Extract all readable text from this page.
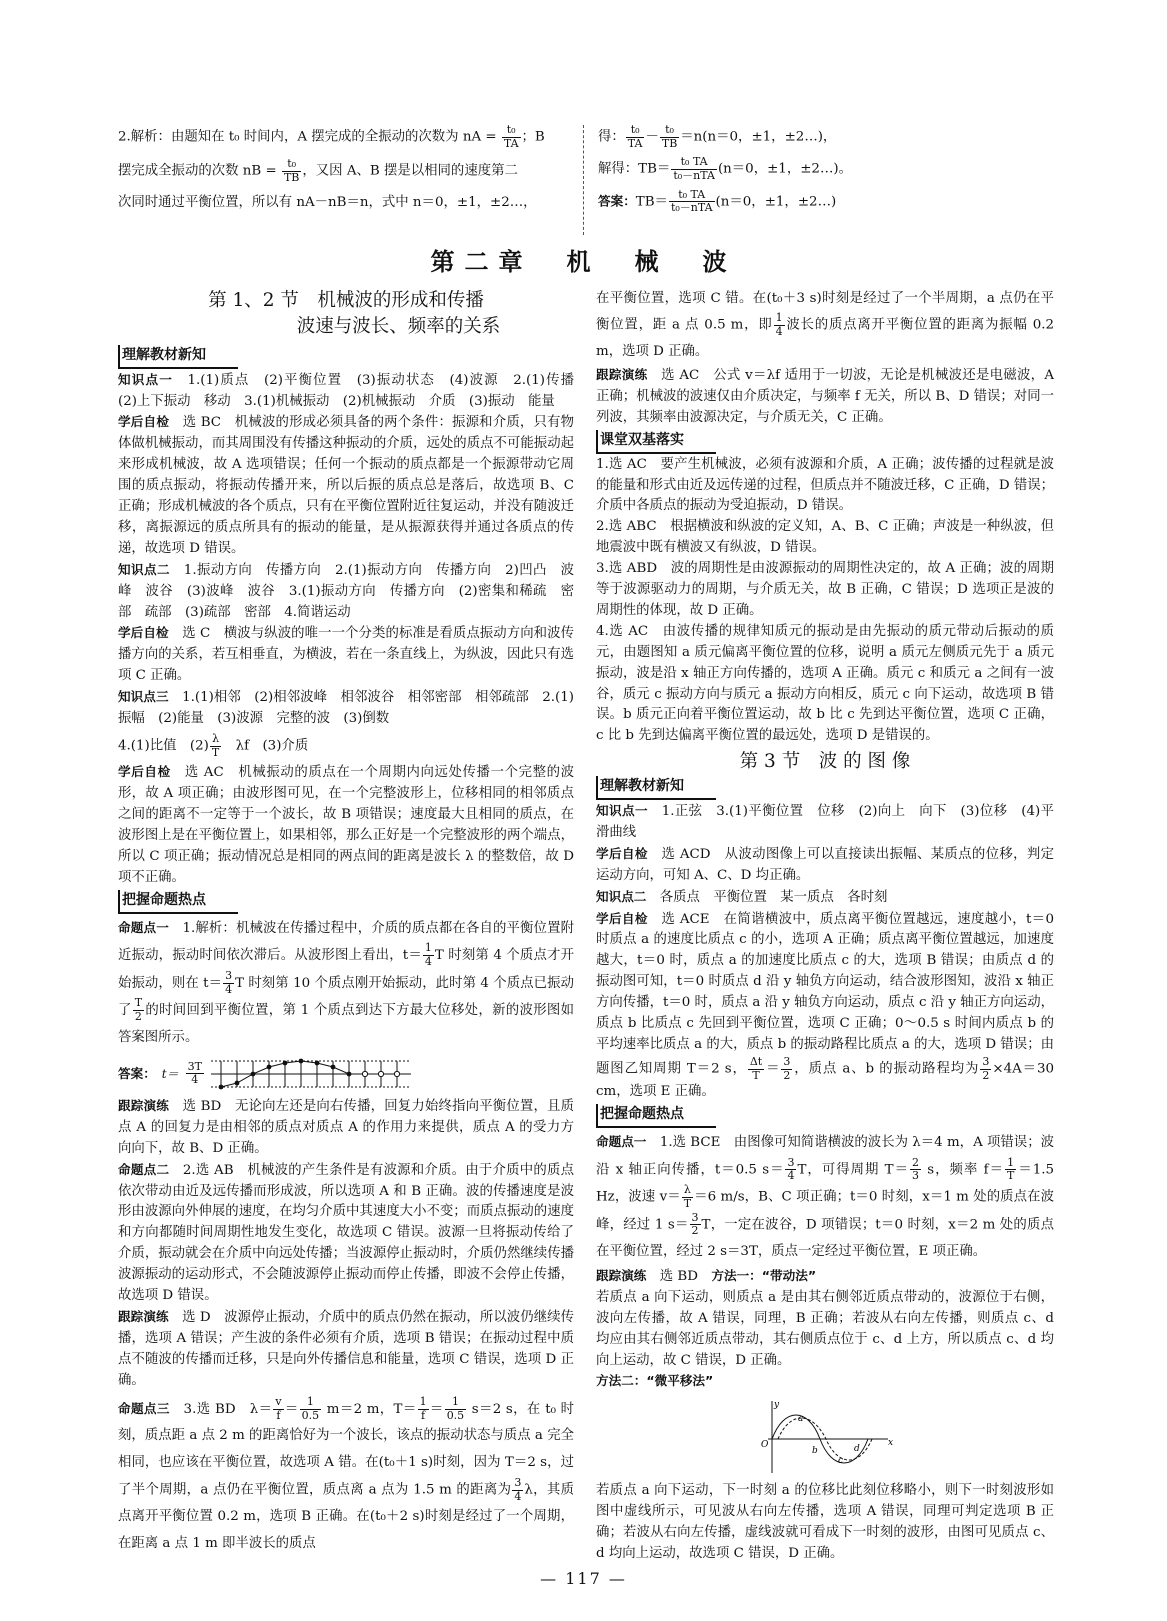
2.解析：由题知在 t₀ 时间内，A 摆完成的全振动的次数为 nA = $\frac{\text{t₀}}{TA}$ ；B

摆完成全振动的次数 nB = $\frac{\text{t₀}}{TB}$ ，又因 A、B 摆是以相同的速度第二

次同时通过平衡位置，所以有 nA－nB＝n，式中 n＝0，±1，±2…，

得： $\frac{\text{t₀}}{TA} - \frac{\text{t₀}}{TB} =n(n=0$，±1，±2…)，

解得：$TB= \frac{\text{t₀ TA}}{\text{t₀－nTA}} (n=0$，±1，±2…)。

答案：$TB= \frac{\text{t₀ TA}}{\text{t₀－nTA}} (n=0$，±1，±2…)

第二章　机　械　波
第 1、2 节　机械波的形成和传播
波速与波长、频率的关系
理解教材新知

知识点一　1.(1)质点　(2)平衡位置　(3)振动状态　(4)波源　2.(1)传播　(2)上下振动　移动　3.(1)机械振动　(2)机械振动　介质　(3)振动　能量

学后自检　选 BC　机械波的形成必须具备的两个条件：振源和介质，只有物体做机械振动，而其周围没有传播这种振动的介质，远处的质点不可能振动起来形成机械波，故 A 选项错误；任何一个振动的质点都是一个振源带动它周围的质点振动，将振动传播开来，所以后振的质点总是落后，故选项 B、C 正确；形成机械波的各个质点，只有在平衡位置附近往复运动，并没有随波迁移，离振源远的质点所具有的振动的能量，是从振源获得并通过各质点的传递，故选项 D 错误。

知识点二　1.振动方向　传播方向　2.(1)振动方向　传播方向　2)凹凸　波峰　波谷　(3)波峰　波谷　3.(1)振动方向　传播方向　(2)密集和稀疏　密部　疏部　(3)疏部　密部　4.简谐运动

学后自检　选 C　横波与纵波的唯一一个分类的标准是看质点振动方向和波传播方向的关系，若互相垂直，为横波，若在一条直线上，为纵波，因此只有选项 C 正确。

知识点三　1.(1)相邻　(2)相邻波峰　相邻波谷　相邻密部　相邻疏部　2.(1)振幅　(2)能量　(3)波源　完整的波　(3)倒数

4.(1)比值　$(2) \frac{\lambda}{T}$ 　λf　(3)介质

学后自检　选 AC　机械振动的质点在一个周期内向远处传播一个完整的波形，故 A 项正确；由波形图可见，在一个完整波形上，位移相同的相邻质点之间的距离不一定等于一个波长，故 B 项错误；速度最大且相同的质点，在波形图上是在平衡位置上，如果相邻，那么正好是一个完整波形的两个端点，所以 C 项正确；振动情况总是相同的两点间的距离是波长 λ 的整数倍，故 D 项不正确。

把握命题热点

命题点一　1.解析：机械波在传播过程中，介质的质点都在各自的平衡位置附近振动，振动时间依次滞后。从波形图上看出，$t= \frac{1}{4}$ T 时刻第 4 个质点才开始振动，则在 $t= \frac{3}{4}$ T 时刻第 10 个质点刚开始振动，此时第 4 个质点已振动了 $\frac{T}{2}$ 的时间回到平衡位置，第 1 个质点到达下方最大位移处，新的波形图如答案图所示。

答案： $t= \frac{3T}{4}$

跟踪演练　选 BD　无论向左还是向右传播，回复力始终指向平衡位置，且质点 A 的回复力是由相邻的质点对质点 A 的作用力来提供，质点 A 的受力方向向下，故 B、D 正确。

命题点二　2.选 AB　机械波的产生条件是有波源和介质。由于介质中的质点依次带动由近及远传播而形成波，所以选项 A 和 B 正确。波的传播速度是波形由波源向外伸展的速度，在均匀介质中其速度大小不变；而质点振动的速度和方向都随时间周期性地发生变化，故选项 C 错误。波源一旦将振动传给了介质，振动就会在介质中向远处传播；当波源停止振动时，介质仍然继续传播波源振动的运动形式，不会随波源停止振动而停止传播，即波不会停止传播，故选项 D 错误。

跟踪演练　选 D　波源停止振动，介质中的质点仍然在振动，所以波仍继续传播，选项 A 错误；产生波的条件必须有介质，选项 B 错误；在振动过程中质点不随波的传播而迁移，只是向外传播信息和能量，选项 C 错误，选项 D 正确。

命题点三　3.选 BD　$\lambda= \frac{v}{f} = \frac{1}{0.5} m=2$ m，$T= \frac{1}{f} = \frac{1}{0.5} s=2$ s，在 t₀ 时刻，质点距 a 点 2 m 的距离恰好为一个波长，该点的振动状态与质点 a 完全相同，也应该在平衡位置，故选项 A 错。在(t₀＋1 s)时刻，因为 T＝2 s，过了半个周期，a 点仍在平衡位置，质点离 a 点为 1.5 m 的距离为 $\frac{3}{4}$ λ，其质点离开平衡位置 0.2 m，选项 B 正确。在(t₀＋2 s)时刻是经过了一个周期，在距离 a 点 1 m 即半波长的质点

在平衡位置，选项 C 错。在(t₀＋3 s)时刻是经过了一个半周期，a 点仍在平衡位置，距 a 点 0.5 m，即 $\frac{1}{4}$ 波长的质点离开平衡位置的距离为振幅 0.2 m，选项 D 正确。

跟踪演练　选 AC　公式 v＝λf 适用于一切波，无论是机械波还是电磁波，A 正确；机械波的波速仅由介质决定，与频率 f 无关，所以 B、D 错误；对同一列波，其频率由波源决定，与介质无关，C 正确。

课堂双基落实

1.选 AC　要产生机械波，必须有波源和介质，A 正确；波传播的过程就是波的能量和形式由近及远传递的过程，但质点并不随波迁移，C 正确，D 错误；介质中各质点的振动为受迫振动，D 错误。

2.选 ABC　根据横波和纵波的定义知，A、B、C 正确；声波是一种纵波，但地震波中既有横波又有纵波，D 错误。

3.选 ABD　波的周期性是由波源振动的周期性决定的，故 A 正确；波的周期等于波源驱动力的周期，与介质无关，故 B 正确，C 错误；D 选项正是波的周期性的体现，故 D 正确。

4.选 AC　由波传播的规律知质元的振动是由先振动的质元带动后振动的质元，由题图知 a 质元偏离平衡位置的位移，说明 a 质元左侧质元先于 a 质元振动，波是沿 x 轴正方向传播的，选项 A 正确。质元 c 和质元 a 之间有一波谷，质元 c 振动方向与质元 a 振动方向相反，质元 c 向下运动，故选项 B 错误。b 质元正向着平衡位置运动，故 b 比 c 先到达平衡位置，选项 C 正确，c 比 b 先到达偏离平衡位置的最远处，选项 D 是错误的。

第 3 节　波 的 图 像
理解教材新知

知识点一　1.正弦　3.(1)平衡位置　位移　(2)向上　向下　(3)位移　(4)平滑曲线

学后自检　选 ACD　从波动图像上可以直接读出振幅、某质点的位移，判定运动方向，可知 A、C、D 均正确。

知识点二　各质点　平衡位置　某一质点　各时刻

学后自检　选 ACE　在简谐横波中，质点离平衡位置越远，速度越小，t＝0 时质点 a 的速度比质点 c 的小，选项 A 正确；质点离平衡位置越远，加速度越大，t＝0 时，质点 a 的加速度比质点 c 的大，选项 B 错误；由质点 d 的振动图可知，t＝0 时质点 d 沿 y 轴负方向运动，结合波形图知，波沿 x 轴正方向传播，t＝0 时，质点 a 沿 y 轴负方向运动，质点 c 沿 y 轴正方向运动，质点 b 比质点 c 先回到平衡位置，选项 C 正确；0～0.5 s 时间内质点 b 的平均速率比质点 a 的大，质点 b 的振动路程比质点 a 的大，选项 D 错误；由题图乙知周期 T＝2 s， $\frac{\Delta t}{T} = \frac{3}{2}$ ，质点 a、b 的振动路程均为 $\frac{3}{2} \times 4A=30$ cm，选项 E 正确。

把握命题热点

命题点一　1.选 BCE　由图像可知简谐横波的波长为 λ＝4 m，A 项错误；波沿 x 轴正向传播，t＝0.5 $s= \frac{3}{4}$ T，可得周期 $T= \frac{2}{3}$ s，频率 $f= \frac{1}{T} =1.5$ Hz，波速 $v= \frac{\lambda}{T} =6$ m/s，B、C 项正确；t＝0 时刻，x＝1 m 处的质点在波峰，经过 1 $s= \frac{3}{2}$ T，一定在波谷，D 项错误；t＝0 时刻，x＝2 m 处的质点在平衡位置，经过 2 s＝3T，质点一定经过平衡位置，E 项正确。

跟踪演练　选 BD　方法一：“带动法”

若质点 a 向下运动，则质点 a 是由其右侧邻近质点带动的，波源位于右侧，波向左传播，故 A 错误，同理，B 正确；若波从右向左传播，则质点 c、d 均应由其右侧邻近质点带动，其右侧质点位于 c、d 上方，所以质点 c、d 均向上运动，故 C 错误，D 正确。

方法二：“微平移法”

y
O	x
a
b
c
d

若质点 a 向下运动，下一时刻 a 的位移比此刻位移略小，则下一时刻波形如图中虚线所示，可见波从右向左传播，选项 A 错误，同理可判定选项 B 正确；若波从右向左传播，虚线波就可看成下一时刻的波形，由图可见质点 c、d 均向上运动，故选项 C 错误，D 正确。

— 117 —
